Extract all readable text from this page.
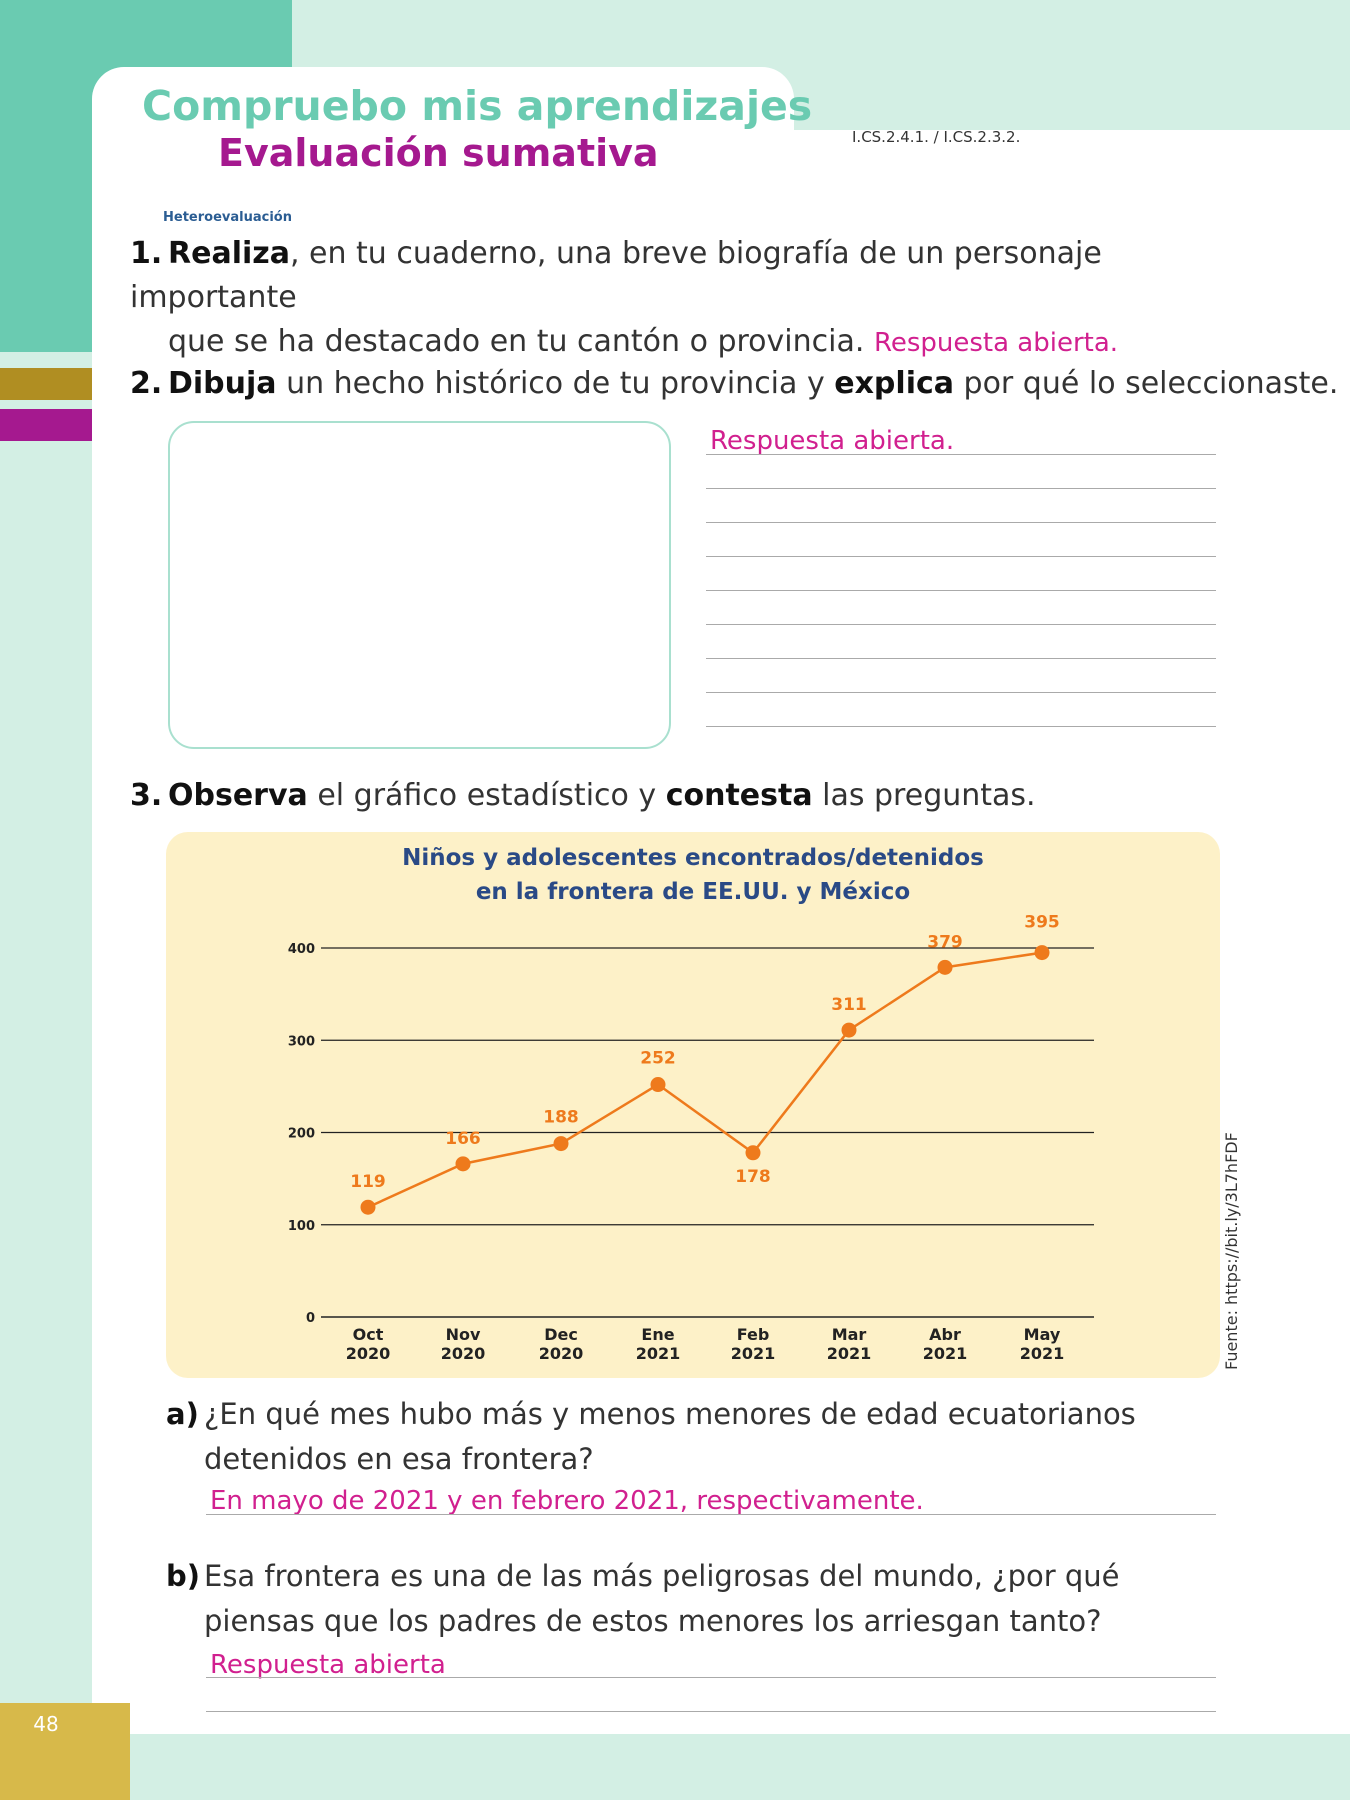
48
Compruebo mis aprendizajes
Evaluación sumativa	I.CS.2.4.1. / I.CS.2.3.2.
Heteroevaluación
1. Realiza, en tu cuaderno, una breve biografía de un personaje importante
que se ha destacado en tu cantón o provincia. Respuesta abierta.
2. Dibuja un hecho histórico de tu provincia y explica por qué lo seleccionaste.
Respuesta abierta.
3. Observa el gráfico estadístico y contesta las preguntas.
Niños y adolescentes encontrados/detenidos
en la frontera de EE.UU. y México
0
100
200
300
400
Oct
2020
Nov
2020
Dec
2020
Ene
2021
Feb
2021
Mar
2021
Abr
2021
May
2021
119
166
188
252
178
311
379
395
Fuente: https://bit.ly/3L7hFDF
a) ¿En qué mes hubo más y menos menores de edad ecuatorianos
detenidos en esa frontera?
En mayo de 2021 y en febrero 2021, respectivamente.
b) Esa frontera es una de las más peligrosas del mundo, ¿por qué
piensas que los padres de estos menores los arriesgan tanto?
Respuesta abierta
